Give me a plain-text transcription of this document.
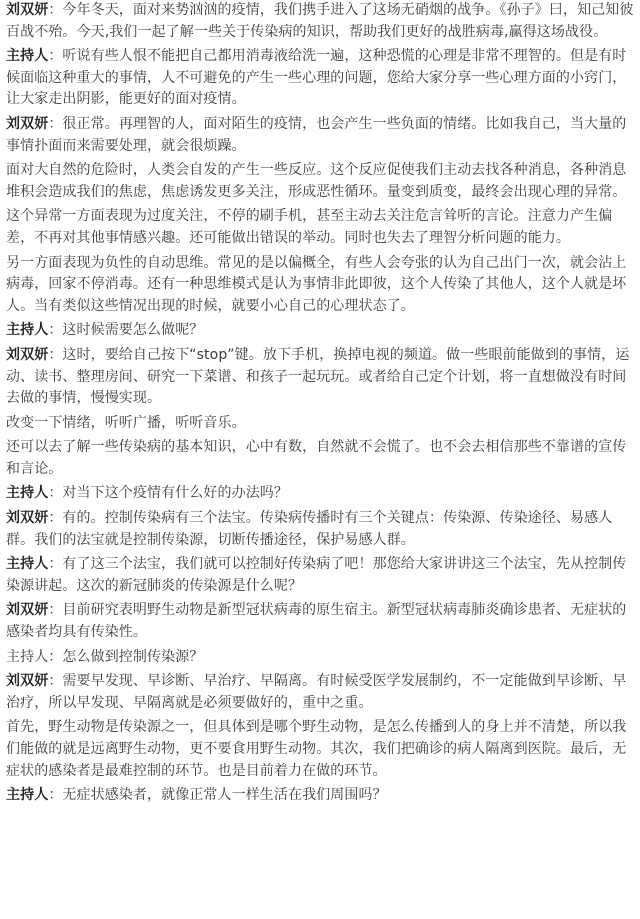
刘双妍：今年冬天，面对来势汹汹的疫情，我们携手进入了这场无硝烟的战争。《孙子》曰，知己知彼百战不殆。今天,我们一起了解一些关于传染病的知识，帮助我们更好的战胜病毒,赢得这场战役。

主持人：听说有些人恨不能把自己都用消毒液给洗一遍，这种恐慌的心理是非常不理智的。但是有时候面临这种重大的事情，人不可避免的产生一些心理的问题，您给大家分享一些心理方面的小窍门，让大家走出阴影，能更好的面对疫情。

刘双妍：很正常。再理智的人，面对陌生的疫情，也会产生一些负面的情绪。比如我自己，当大量的事情扑面而来需要处理，就会很烦躁。

面对大自然的危险时，人类会自发的产生一些反应。这个反应促使我们主动去找各种消息，各种消息堆积会造成我们的焦虑，焦虑诱发更多关注，形成恶性循环。量变到质变，最终会出现心理的异常。

这个异常一方面表现为过度关注，不停的刷手机，甚至主动去关注危言耸听的言论。注意力产生偏差，不再对其他事情感兴趣。还可能做出错误的举动。同时也失去了理智分析问题的能力。

另一方面表现为负性的自动思维。常见的是以偏概全，有些人会夸张的认为自己出门一次，就会沾上病毒，回家不停消毒。还有一种思维模式是认为事情非此即彼，这个人传染了其他人，这个人就是坏人。当有类似这些情况出现的时候，就要小心自己的心理状态了。

主持人：这时候需要怎么做呢？

刘双妍：这时，要给自己按下“stop”键。放下手机，换掉电视的频道。做一些眼前能做到的事情，运动、读书、整理房间、研究一下菜谱、和孩子一起玩玩。或者给自己定个计划，将一直想做没有时间去做的事情，慢慢实现。

改变一下情绪，听听广播，听听音乐。

还可以去了解一些传染病的基本知识，心中有数，自然就不会慌了。也不会去相信那些不靠谱的宣传和言论。

主持人：对当下这个疫情有什么好的办法吗？

刘双妍：有的。控制传染病有三个法宝。传染病传播时有三个关键点：传染源、传染途径、易感人群。我们的法宝就是控制传染源，切断传播途径，保护易感人群。

主持人：有了这三个法宝，我们就可以控制好传染病了吧！那您给大家讲讲这三个法宝，先从控制传染源讲起。这次的新冠肺炎的传染源是什么呢？

刘双妍：目前研究表明野生动物是新型冠状病毒的原生宿主。新型冠状病毒肺炎确诊患者、无症状的感染者均具有传染性。

主持人：怎么做到控制传染源？

刘双妍：需要早发现、早诊断、早治疗、早隔离。有时候受医学发展制约，不一定能做到早诊断、早治疗，所以早发现、早隔离就是必须要做好的，重中之重。

首先，野生动物是传染源之一，但具体到是哪个野生动物，是怎么传播到人的身上并不清楚，所以我们能做的就是远离野生动物，更不要食用野生动物。其次，我们把确诊的病人隔离到医院。最后，无症状的感染者是最难控制的环节。也是目前着力在做的环节。

主持人：无症状感染者，就像正常人一样生活在我们周围吗？
